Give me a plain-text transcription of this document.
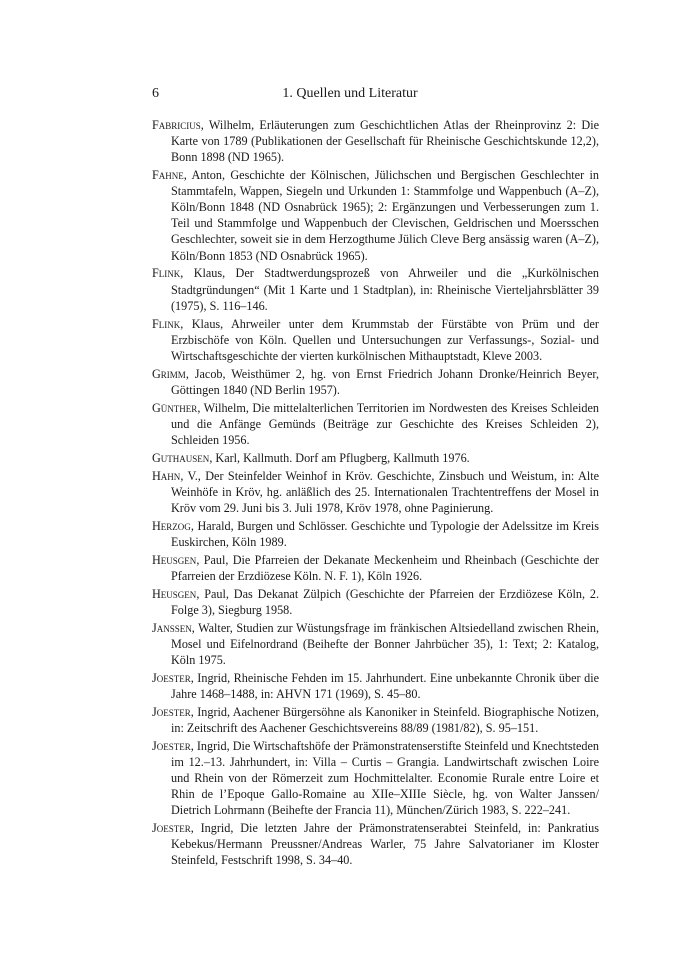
6	1. Quellen und Literatur

Fabricius, Wilhelm, Erläuterungen zum Geschichtlichen Atlas der Rheinprovinz 2: Die Karte von 1789 (Publikationen der Gesellschaft für Rheinische Geschichtskunde 12,2), Bonn 1898 (ND 1965).

Fahne, Anton, Geschichte der Kölnischen, Jülichschen und Bergischen Geschlechter in Stammtafeln, Wappen, Siegeln und Urkunden 1: Stammfolge und Wappenbuch (A–Z), Köln/Bonn 1848 (ND Osnabrück 1965); 2: Ergänzungen und Verbesserungen zum 1. Teil und Stammfolge und Wappenbuch der Clevischen, Geldrischen und Moersschen Geschlechter, soweit sie in dem Herzogthume Jülich Cleve Berg ansässig waren (A–Z), Köln/Bonn 1853 (ND Osnabrück 1965).

Flink, Klaus, Der Stadtwerdungsprozeß von Ahrweiler und die „Kurkölnischen Stadtgründungen“ (Mit 1 Karte und 1 Stadtplan), in: Rheinische Vierteljahrsblätter 39 (1975), S. 116–146.

Flink, Klaus, Ahrweiler unter dem Krummstab der Fürstäbte von Prüm und der Erzbischöfe von Köln. Quellen und Untersuchungen zur Verfassungs-, Sozial- und Wirtschaftsgeschichte der vierten kurkölnischen Mithauptstadt, Kleve 2003.

Grimm, Jacob, Weisthümer 2, hg. von Ernst Friedrich Johann Dronke/Heinrich Beyer, Göttingen 1840 (ND Berlin 1957).

Günther, Wilhelm, Die mittelalterlichen Territorien im Nordwesten des Kreises Schleiden und die Anfänge Gemünds (Beiträge zur Geschichte des Kreises Schleiden 2), Schleiden 1956.

Guthausen, Karl, Kallmuth. Dorf am Pflugberg, Kallmuth 1976.

Hahn, V., Der Steinfelder Weinhof in Kröv. Geschichte, Zinsbuch und Weistum, in: Alte Weinhöfe in Kröv, hg. anläßlich des 25. Internationalen Trachtentreffens der Mosel in Kröv vom 29. Juni bis 3. Juli 1978, Kröv 1978, ohne Paginierung.

Herzog, Harald, Burgen und Schlösser. Geschichte und Typologie der Adelssitze im Kreis Euskirchen, Köln 1989.

Heusgen, Paul, Die Pfarreien der Dekanate Meckenheim und Rheinbach (Geschichte der Pfarreien der Erzdiözese Köln. N. F. 1), Köln 1926.

Heusgen, Paul, Das Dekanat Zülpich (Geschichte der Pfarreien der Erzdiözese Köln, 2. Folge 3), Siegburg 1958.

Janssen, Walter, Studien zur Wüstungsfrage im fränkischen Altsiedelland zwischen Rhein, Mosel und Eifelnordrand (Beihefte der Bonner Jahrbücher 35), 1: Text; 2: Katalog, Köln 1975.

Joester, Ingrid, Rheinische Fehden im 15. Jahrhundert. Eine unbekannte Chronik über die Jahre 1468–1488, in: AHVN 171 (1969), S. 45–80.

Joester, Ingrid, Aachener Bürgersöhne als Kanoniker in Steinfeld. Biographische Notizen, in: Zeitschrift des Aachener Geschichtsvereins 88/89 (1981/82), S. 95–151.

Joester, Ingrid, Die Wirtschaftshöfe der Prämonstratenserstifte Steinfeld und Knechtsteden im 12.–13. Jahrhundert, in: Villa – Curtis – Grangia. Landwirtschaft zwischen Loire und Rhein von der Römerzeit zum Hochmittelalter. Economie Rurale entre Loire et Rhin de l’Epoque Gallo-Romaine au XIIe–XIIIe Siècle, hg. von Walter Janssen/ Dietrich Lohrmann (Beihefte der Francia 11), München/Zürich 1983, S. 222–241.

Joester, Ingrid, Die letzten Jahre der Prämonstratenserabtei Steinfeld, in: Pankratius Kebekus/Hermann Preussner/Andreas Warler, 75 Jahre Salvatorianer im Kloster Steinfeld, Festschrift 1998, S. 34–40.
